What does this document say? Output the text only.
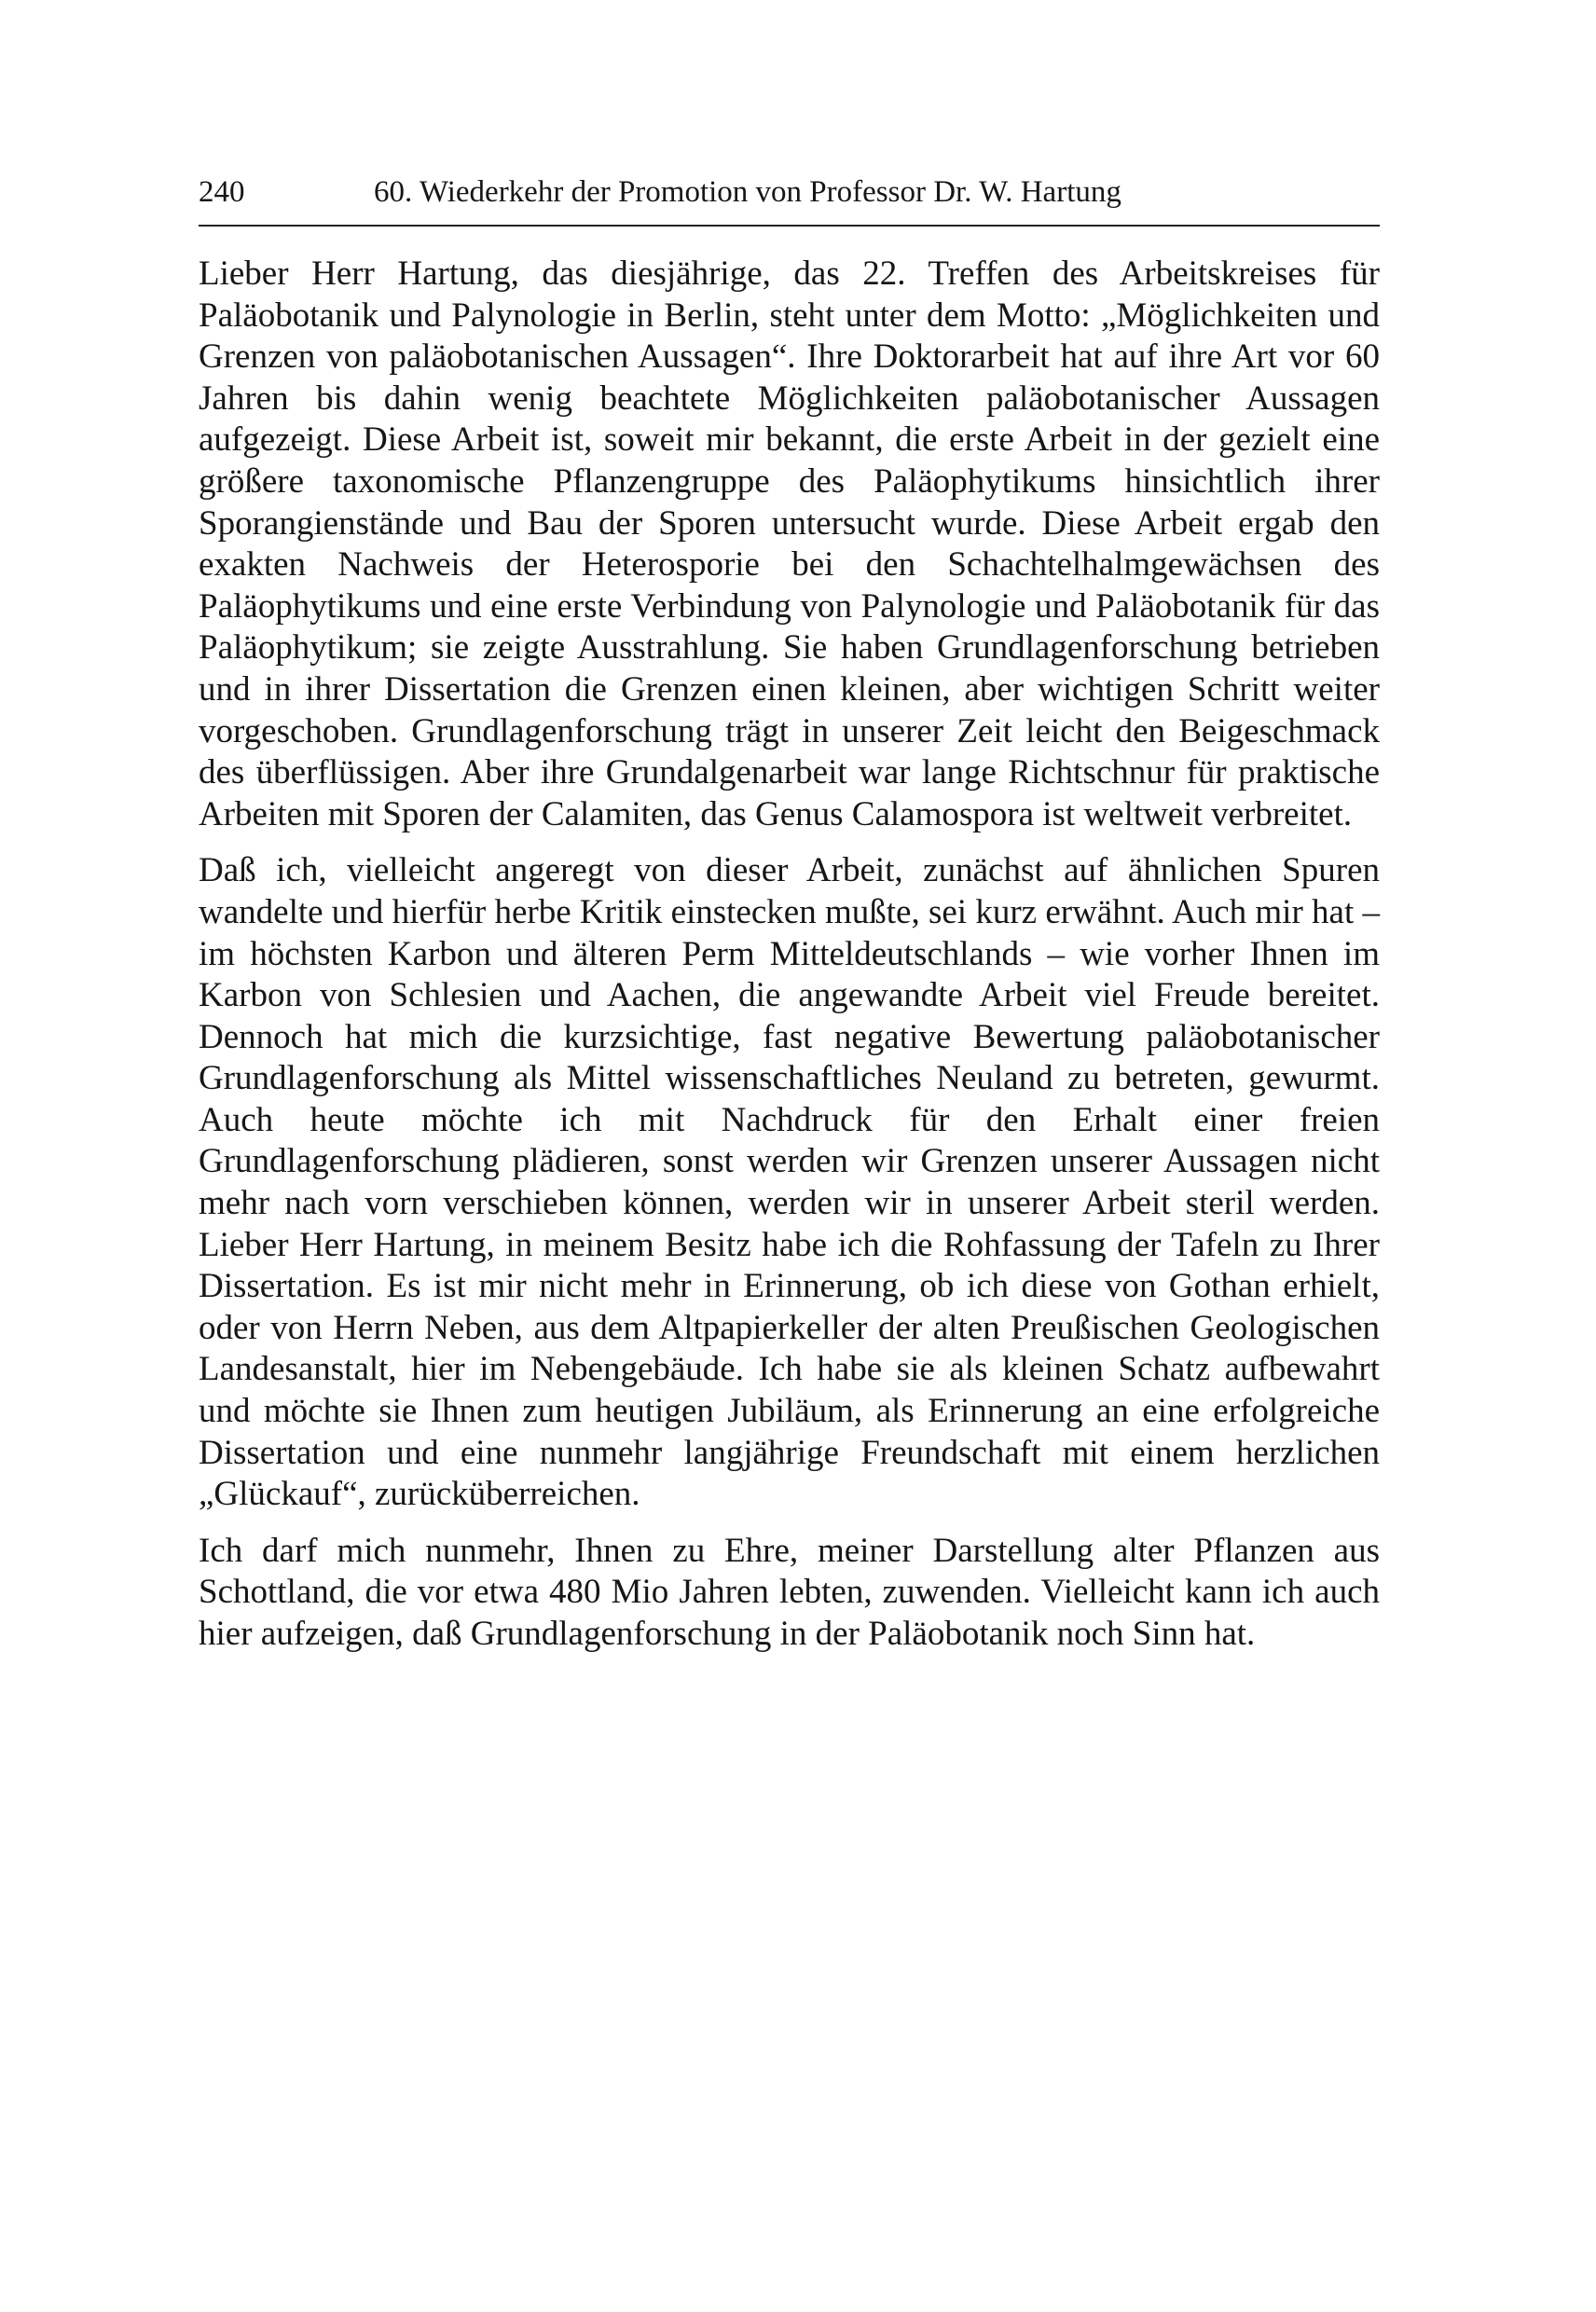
240	60. Wiederkehr der Promotion von Professor Dr. W. Hartung

Lieber Herr Hartung, das diesjährige, das 22. Treffen des Arbeitskreises für Paläobotanik und Palynologie in Berlin, steht unter dem Motto: „Möglichkeiten und Grenzen von paläobotanischen Aussagen“. Ihre Doktorarbeit hat auf ihre Art vor 60 Jahren bis dahin wenig beachtete Möglichkeiten paläobotanischer Aussagen aufgezeigt. Diese Arbeit ist, soweit mir bekannt, die erste Arbeit in der gezielt eine größere taxonomische Pflanzengruppe des Paläophytikums hinsichtlich ihrer Sporangienstände und Bau der Sporen untersucht wurde. Diese Arbeit ergab den exakten Nachweis der Heterosporie bei den Schachtelhalmgewächsen des Paläophytikums und eine erste Verbindung von Palynologie und Paläobotanik für das Paläophytikum; sie zeigte Ausstrahlung. Sie haben Grundlagenforschung betrieben und in ihrer Dissertation die Grenzen einen kleinen, aber wichtigen Schritt weiter vorgeschoben. Grundlagenforschung trägt in unserer Zeit leicht den Beigeschmack des überflüssigen. Aber ihre Grundalgenarbeit war lange Richtschnur für praktische Arbeiten mit Sporen der Calamiten, das Genus Calamospora ist weltweit verbreitet.

Daß ich, vielleicht angeregt von dieser Arbeit, zunächst auf ähnlichen Spuren wandelte und hierfür herbe Kritik einstecken mußte, sei kurz erwähnt. Auch mir hat – im höchsten Karbon und älteren Perm Mitteldeutschlands – wie vorher Ihnen im Karbon von Schlesien und Aachen, die angewandte Arbeit viel Freude bereitet. Dennoch hat mich die kurzsichtige, fast negative Bewertung paläobotanischer Grundlagenforschung als Mittel wissenschaftliches Neuland zu betreten, gewurmt. Auch heute möchte ich mit Nachdruck für den Erhalt einer freien Grundlagenforschung plädieren, sonst werden wir Grenzen unserer Aussagen nicht mehr nach vorn verschieben können, werden wir in unserer Arbeit steril werden. Lieber Herr Hartung, in meinem Besitz habe ich die Rohfassung der Tafeln zu Ihrer Dissertation. Es ist mir nicht mehr in Erinnerung, ob ich diese von Gothan erhielt, oder von Herrn Neben, aus dem Altpapierkeller der alten Preußischen Geologischen Landesanstalt, hier im Nebengebäude. Ich habe sie als kleinen Schatz aufbewahrt und möchte sie Ihnen zum heutigen Jubiläum, als Erinnerung an eine erfolgreiche Dissertation und eine nunmehr langjährige Freundschaft mit einem herzlichen „Glückauf“, zurücküberreichen.

Ich darf mich nunmehr, Ihnen zu Ehre, meiner Darstellung alter Pflanzen aus Schottland, die vor etwa 480 Mio Jahren lebten, zuwenden. Vielleicht kann ich auch hier aufzeigen, daß Grundlagenforschung in der Paläobotanik noch Sinn hat.
